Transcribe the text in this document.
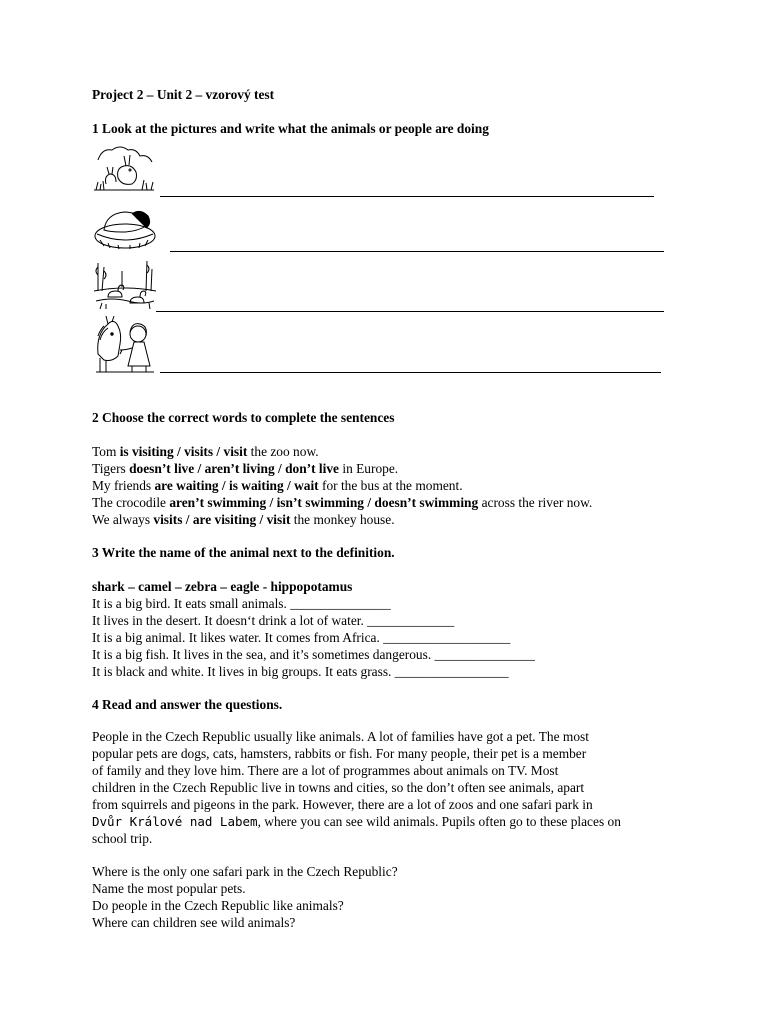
Project 2 – Unit 2 – vzorový test
1 Look at the pictures and write what the animals or people are doing
2 Choose the correct words to complete the sentences
Tom is visiting / visits / visit the zoo now.
Tigers doesn’t live / aren’t living / don’t live in Europe.
My friends are waiting / is waiting / wait for the bus at the moment.
The crocodile aren’t swimming / isn’t swimming / doesn’t swimming across the river now.
We always visits / are visiting / visit the monkey house.
3 Write the name of the animal next to the definition.
shark – camel – zebra – eagle - hippopotamus
It is a big bird. It eats small animals. _______________
It lives in the desert. It doesn‘t drink a lot of water. _____________
It is a big animal. It likes water. It comes from Africa. ___________________
It is a big fish. It lives in the sea, and it’s sometimes dangerous. _______________
It is black and white. It lives in big groups. It eats grass. _________________
4 Read and answer the questions.
People in the Czech Republic usually like animals. A lot of families have got a pet. The most
popular pets are dogs, cats, hamsters, rabbits or fish. For many people, their pet is a member
of family and they love him. There are a lot of programmes about animals on TV. Most
children in the Czech Republic live in towns and cities, so the don’t often see animals, apart
from squirrels and pigeons in the park. However, there are a lot of zoos and one safari park in
Dvůr Králové nad Labem, where you can see wild animals. Pupils often go to these places on
school trip.
Where is the only one safari park in the Czech Republic?
Name the most popular pets.
Do people in the Czech Republic like animals?
Where can children see wild animals?
